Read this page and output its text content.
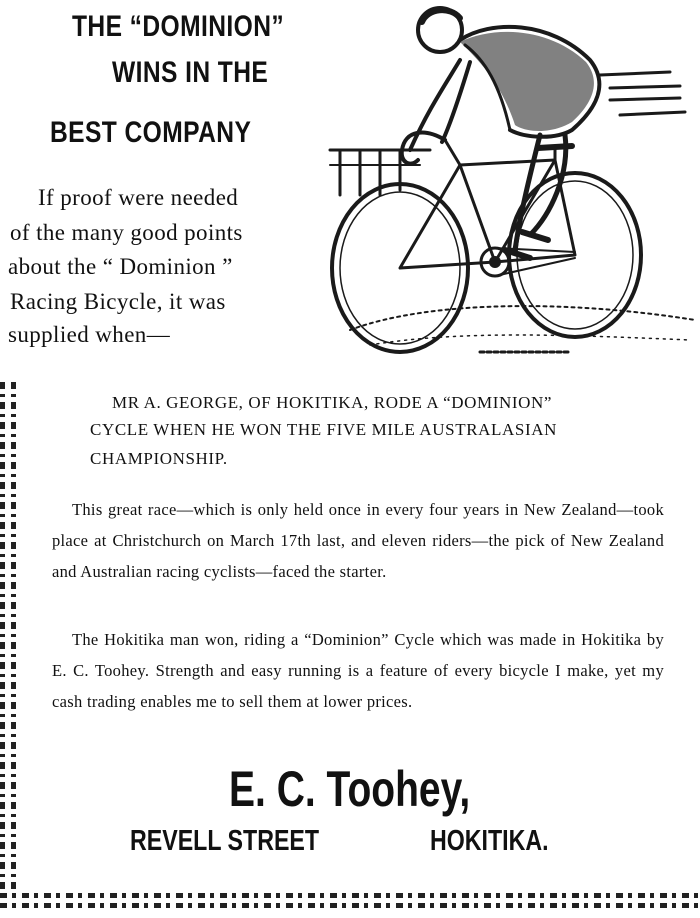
THE “DOMINION”
WINS IN THE
BEST COMPANY
If proof were needed
of the many good points
about the “ Dominion ”
Racing Bicycle, it was
supplied when—
MR A. GEORGE, OF HOKITIKA, RODE A “DOMINION”
CYCLE WHEN HE WON THE FIVE MILE AUSTRALASIAN
CHAMPIONSHIP.

This great race—which is only held once in every four years in New Zealand—took place at Christchurch on March 17th last, and eleven riders—the pick of New Zealand and Australian racing cyclists—faced the starter.

The Hokitika man won, riding a “Dominion” Cycle which was made in Hokitika by E. C. Toohey. Strength and easy running is a feature of every bicycle I make, yet my cash trading enables me to sell them at lower prices.

E. C. Toohey,
REVELL STREET	HOKITIKA.
